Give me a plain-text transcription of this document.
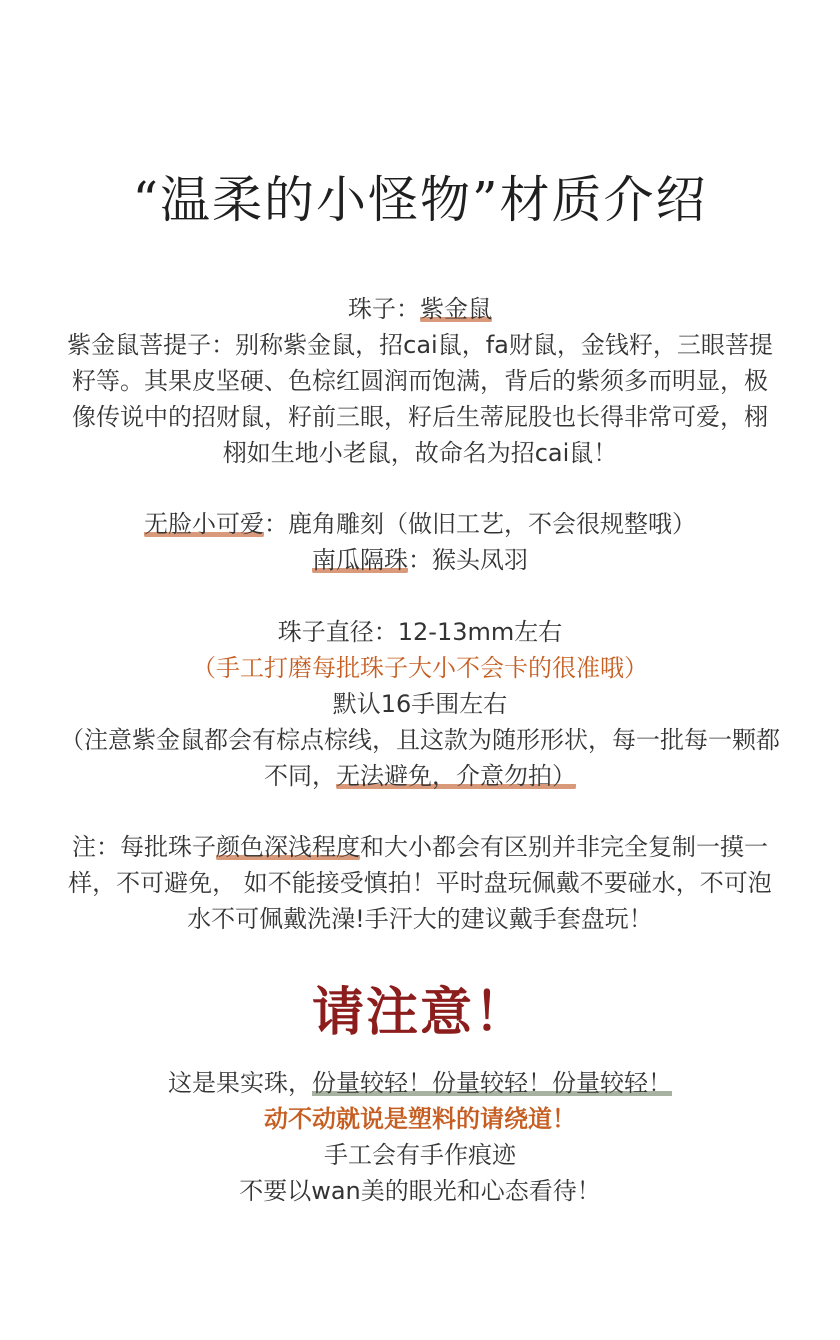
“温柔的小怪物”材质介绍

珠子：紫金鼠

紫金鼠菩提子：别称紫金鼠，招cai鼠，fa财鼠，金钱籽，三眼菩提

籽等。其果皮坚硬、色棕红圆润而饱满，背后的紫须多而明显，极

像传说中的招财鼠，籽前三眼，籽后生蒂屁股也长得非常可爱，栩

栩如生地小老鼠，故命名为招cai鼠！

无脸小可爱：鹿角雕刻（做旧工艺，不会很规整哦）

南瓜隔珠：猴头凤羽

珠子直径：12-13mm左右

（手工打磨每批珠子大小不会卡的很准哦）

默认16手围左右

（注意紫金鼠都会有棕点棕线，且这款为随形形状，每一批每一颗都

不同，无法避免，介意勿拍）

注：每批珠子颜色深浅程度和大小都会有区别并非完全复制一摸一

样，不可避免， 如不能接受慎拍！平时盘玩佩戴不要碰水，不可泡

水不可佩戴洗澡!手汗大的建议戴手套盘玩！

请注意！

这是果实珠，份量较轻！份量较轻！份量较轻！

动不动就说是塑料的请绕道！

手工会有手作痕迹

不要以wan美的眼光和心态看待！
